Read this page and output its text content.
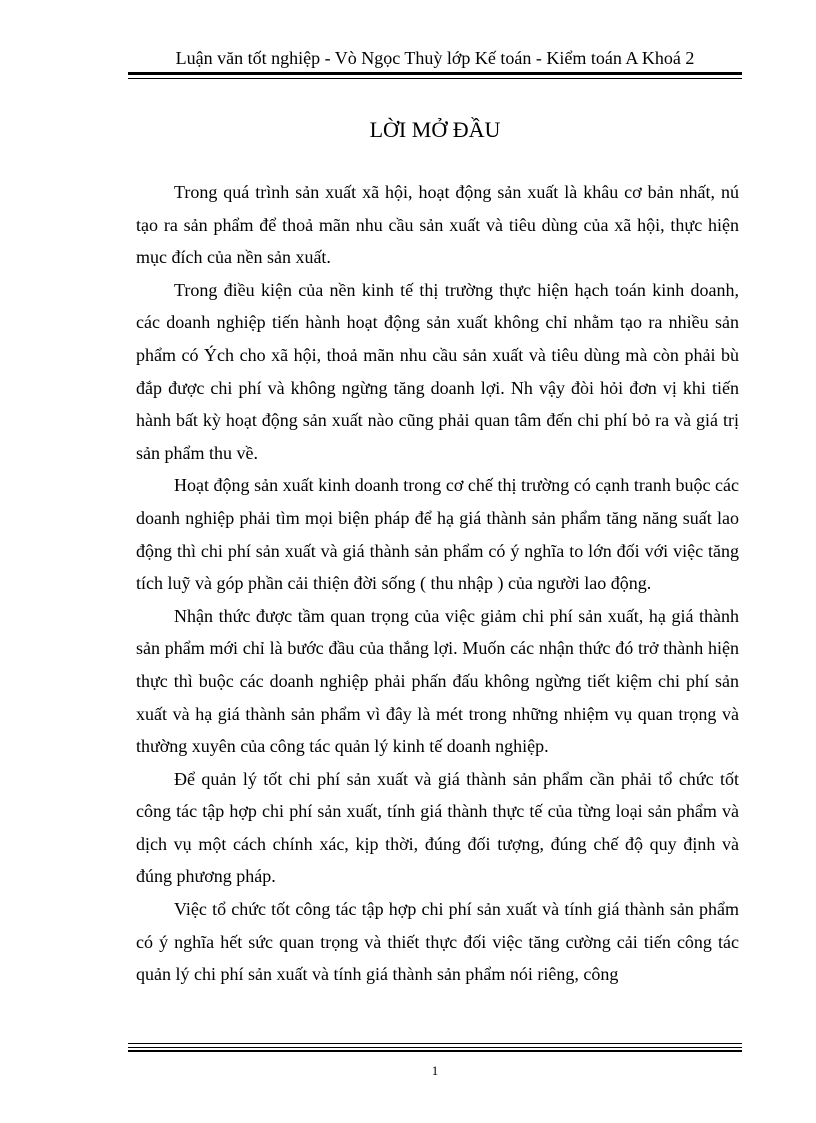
Luận văn tốt nghiệp - Vò Ngọc Thuỳ lớp Kế toán - Kiểm toán A Khoá 2
LỜI MỞ ĐẦU

Trong quá trình sản xuất xã hội, hoạt động sản xuất là khâu cơ bản nhất, nú tạo ra sản phẩm để thoả mãn nhu cầu sản xuất và tiêu dùng của xã hội, thực hiện mục đích của nền sản xuất.

Trong điều kiện của nền kinh tế thị trường thực hiện hạch toán kinh doanh, các doanh nghiệp tiến hành hoạt động sản xuất không chỉ nhằm tạo ra nhiều sản phẩm có Ých cho xã hội, thoả mãn nhu cầu sản xuất và tiêu dùng mà còn phải bù đắp được chi phí và không ngừng tăng doanh lợi. Nh vậy đòi hỏi đơn vị khi tiến hành bất kỳ hoạt động sản xuất nào cũng phải quan tâm đến chi phí bỏ ra và giá trị sản phẩm thu về.

Hoạt động sản xuất kinh doanh trong cơ chế thị trường có cạnh tranh buộc các doanh nghiệp phải tìm mọi biện pháp để hạ giá thành sản phẩm tăng năng suất lao động thì chi phí sản xuất và giá thành sản phẩm có ý nghĩa to lớn đối với việc tăng tích luỹ và góp phần cải thiện đời sống ( thu nhập ) của người lao động.

Nhận thức được tầm quan trọng của việc giảm chi phí sản xuất, hạ giá thành sản phẩm mới chỉ là bước đầu của thắng lợi. Muốn các nhận thức đó trở thành hiện thực thì buộc các doanh nghiệp phải phấn đấu không ngừng tiết kiệm chi phí sản xuất và hạ giá thành sản phẩm vì đây là mét trong những nhiệm vụ quan trọng và thường xuyên của công tác quản lý kinh tế doanh nghiệp.

Để quản lý tốt chi phí sản xuất và giá thành sản phẩm cần phải tổ chức tốt công tác tập hợp chi phí sản xuất, tính giá thành thực tế của từng loại sản phẩm và dịch vụ một cách chính xác, kịp thời, đúng đối tượng, đúng chế độ quy định và đúng phương pháp.

Việc tổ chức tốt công tác tập hợp chi phí sản xuất và tính giá thành sản phẩm có ý nghĩa hết sức quan trọng và thiết thực đối việc tăng cường cải tiến công tác quản lý chi phí sản xuất và tính giá thành sản phẩm nói riêng, công

1
